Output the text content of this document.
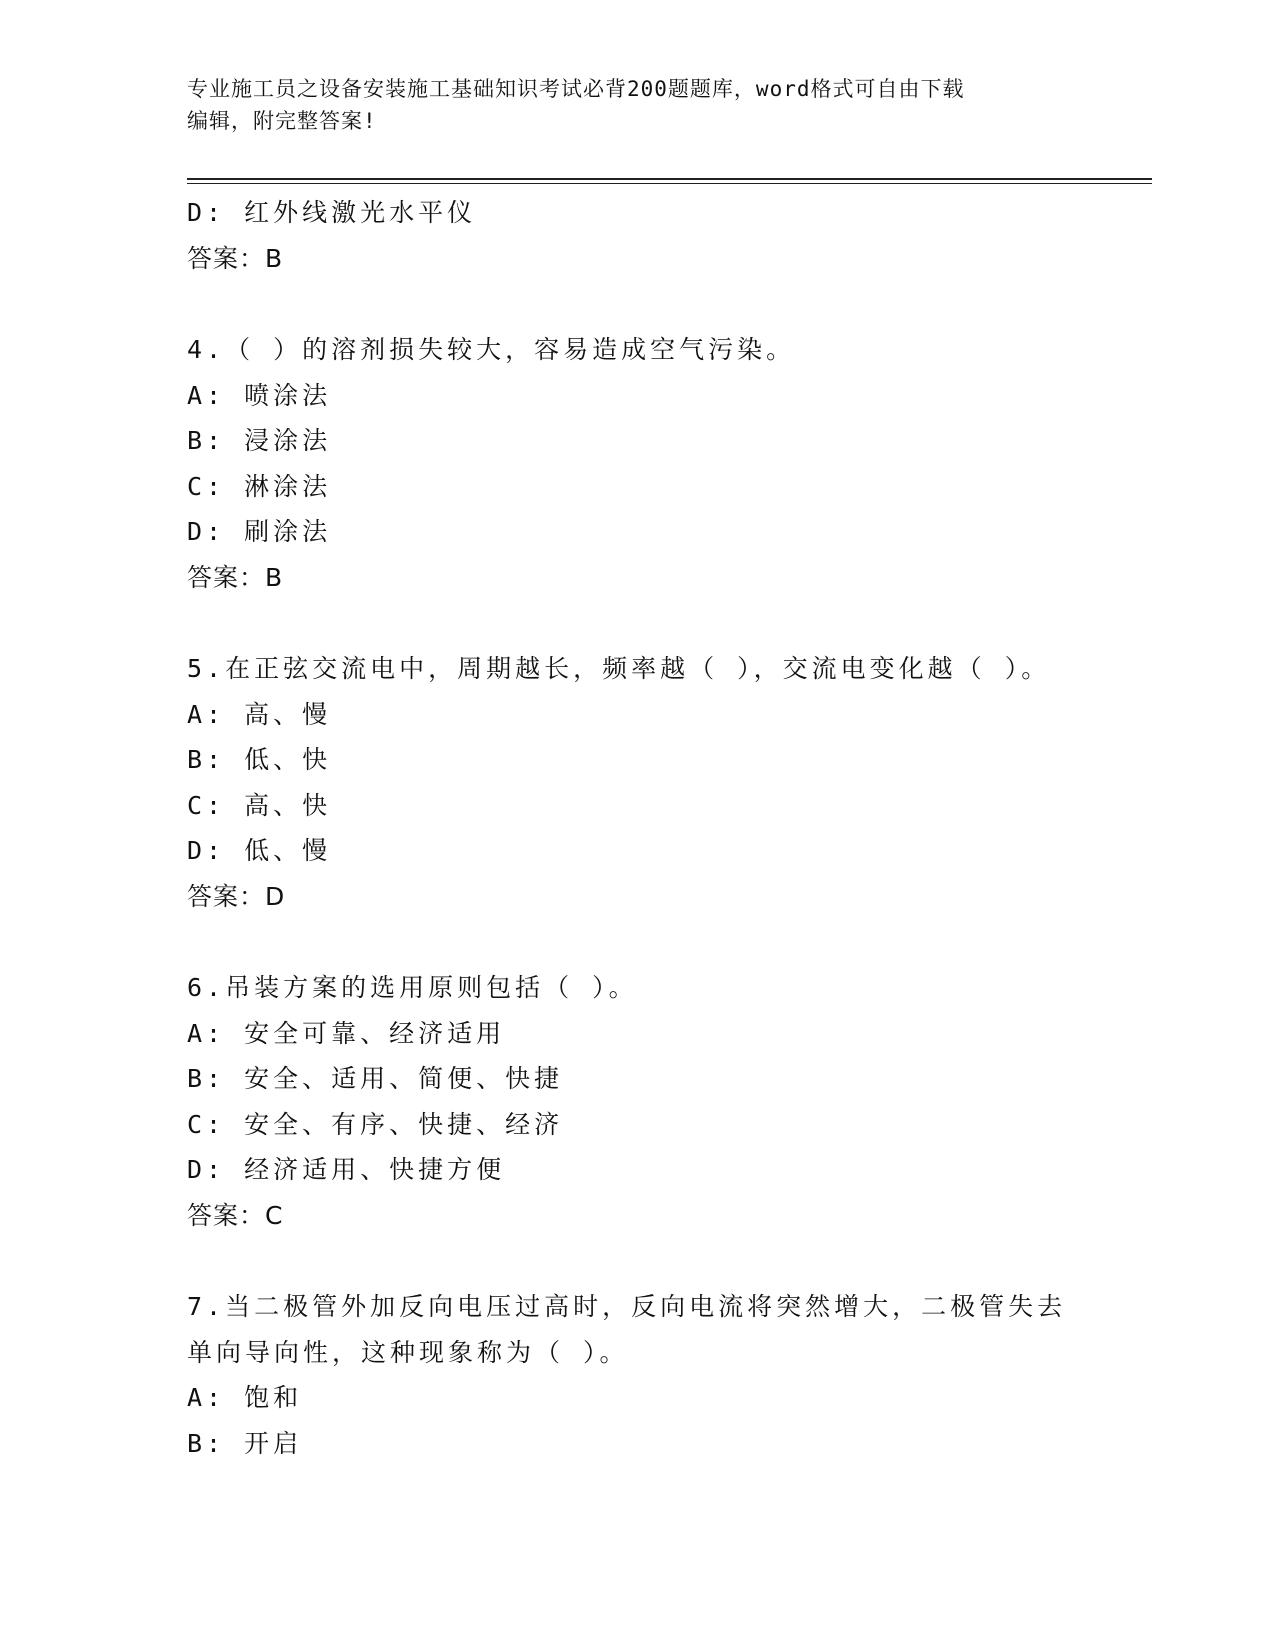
专业施工员之设备安装施工基础知识考试必背200题题库，word格式可自由下载
编辑，附完整答案!
D: 红外线激光水平仪
答案：B
4.（ ）的溶剂损失较大，容易造成空气污染。
A: 喷涂法
B: 浸涂法
C: 淋涂法
D: 刷涂法
答案：B
5.在正弦交流电中，周期越长，频率越（ ），交流电变化越（ ）。
A: 高、慢
B: 低、快
C: 高、快
D: 低、慢
答案：D
6.吊装方案的选用原则包括（ ）。
A: 安全可靠、经济适用
B: 安全、适用、简便、快捷
C: 安全、有序、快捷、经济
D: 经济适用、快捷方便
答案：C
7.当二极管外加反向电压过高时，反向电流将突然增大，二极管失去
单向导向性，这种现象称为（ ）。
A: 饱和
B: 开启
